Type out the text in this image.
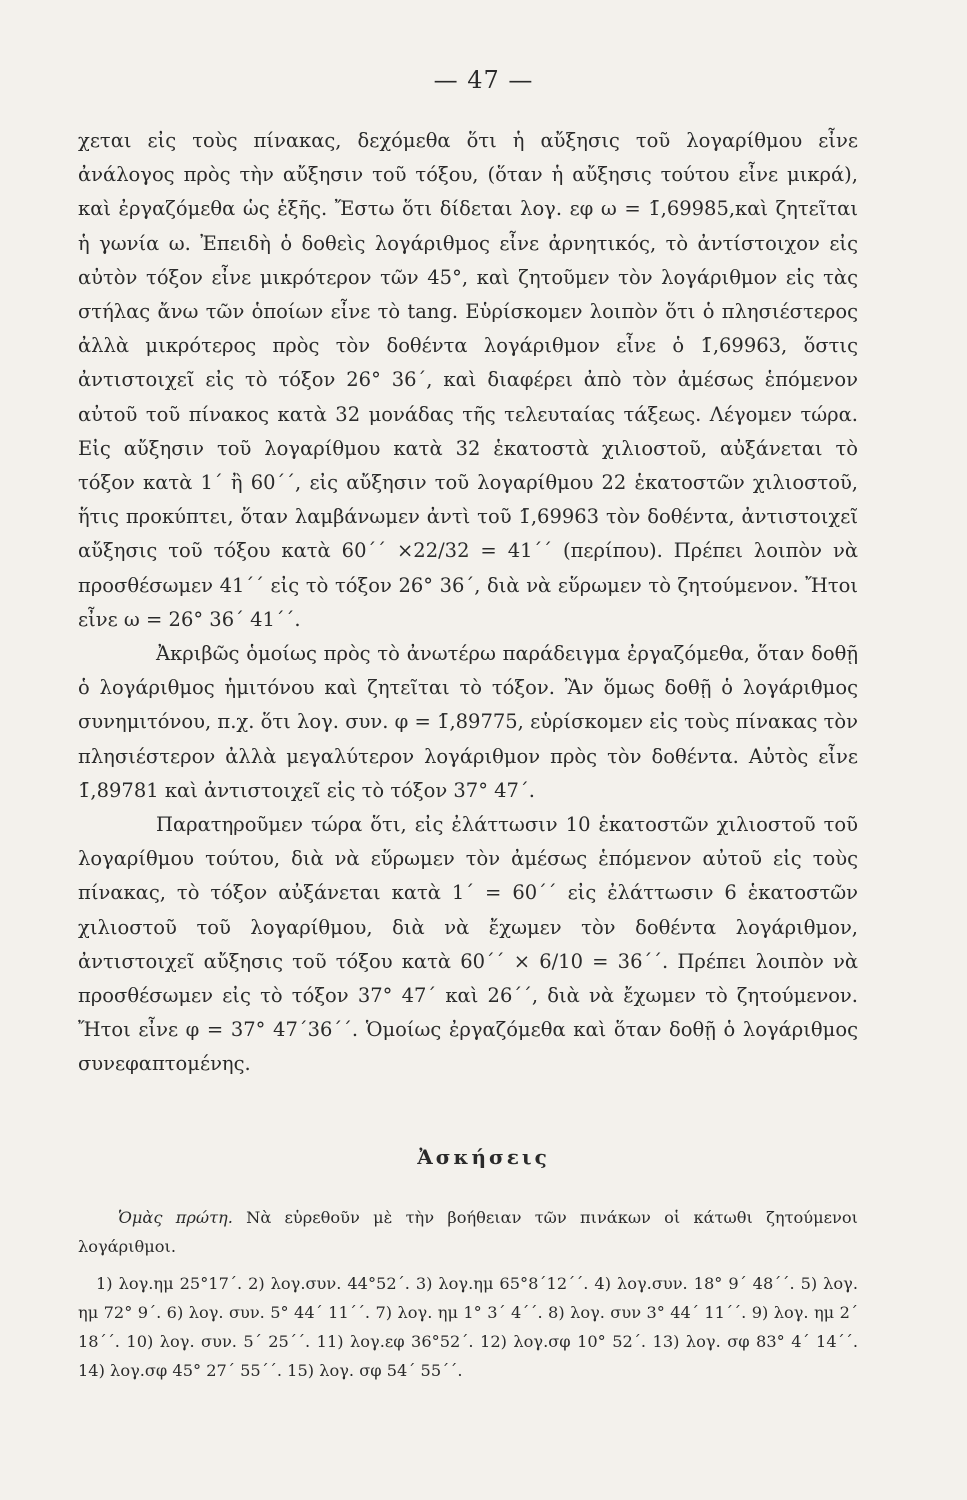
— 47 —

χεται εἰς τοὺς πίνακας, δεχόμεθα ὅτι ἡ αὔξησις τοῦ λογαρίθμου εἶνε ἀνάλογος πρὸς τὴν αὔξησιν τοῦ τόξου, (ὅταν ἡ αὔξησις τούτου εἶνε μικρά), καὶ ἐργαζόμεθα ὡς ἑξῆς. Ἔστω ὅτι δίδεται λογ. εφ ω = 1̄,69985,καὶ ζητεῖται ἡ γωνία ω. Ἐπειδὴ ὁ δοθεὶς λογάριθμος εἶνε ἀρνητικός, τὸ ἀντίστοιχον εἰς αὐτὸν τόξον εἶνε μικρότερον τῶν 45°, καὶ ζητοῦμεν τὸν λογάριθμον εἰς τὰς στήλας ἄνω τῶν ὁποίων εἶνε τὸ tang. Εὑρίσκομεν λοιπὸν ὅτι ὁ πλησιέστερος ἀλλὰ μικρότερος πρὸς τὸν δοθέντα λογάριθμον εἶνε ὁ 1̄,69963, ὅστις ἀντιστοιχεῖ εἰς τὸ τόξον 26° 36΄, καὶ διαφέρει ἀπὸ τὸν ἀμέσως ἑπόμενον αὐτοῦ τοῦ πίνακος κατὰ 32 μονάδας τῆς τελευταίας τάξεως. Λέγομεν τώρα. Εἰς αὔξησιν τοῦ λογαρίθμου κατὰ 32 ἑκατοστὰ χιλιοστοῦ, αὐξάνεται τὸ τόξον κατὰ 1΄ ἢ 60΄΄, εἰς αὔξησιν τοῦ λογαρίθμου 22 ἑκατοστῶν χιλιοστοῦ, ἥτις προκύπτει, ὅταν λαμβάνωμεν ἀντὶ τοῦ 1̄,69963 τὸν δοθέντα, ἀντιστοιχεῖ αὔξησις τοῦ τόξου κατὰ 60΄΄ ×22/32 = 41΄΄ (περίπου). Πρέπει λοιπὸν νὰ προσθέσωμεν 41΄΄ εἰς τὸ τόξον 26° 36΄, διὰ νὰ εὕρωμεν τὸ ζητούμενον. Ἤτοι εἶνε ω = 26° 36΄ 41΄΄.

Ἀκριβῶς ὁμοίως πρὸς τὸ ἀνωτέρω παράδειγμα ἐργαζόμεθα, ὅταν δοθῇ ὁ λογάριθμος ἡμιτόνου καὶ ζητεῖται τὸ τόξον. Ἂν ὅμως δοθῇ ὁ λογάριθμος συνημιτόνου, π.χ. ὅτι λογ. συν. φ = 1̄,89775, εὑρίσκομεν εἰς τοὺς πίνακας τὸν πλησιέστερον ἀλλὰ μεγαλύτερον λογάριθμον πρὸς τὸν δοθέντα. Αὐτὸς εἶνε 1̄,89781 καὶ ἀντιστοιχεῖ εἰς τὸ τόξον 37° 47΄.

Παρατηροῦμεν τώρα ὅτι, εἰς ἐλάττωσιν 10 ἑκατοστῶν χιλιοστοῦ τοῦ λογαρίθμου τούτου, διὰ νὰ εὕρωμεν τὸν ἀμέσως ἑπόμενον αὐτοῦ εἰς τοὺς πίνακας, τὸ τόξον αὐξάνεται κατὰ 1΄ = 60΄΄ εἰς ἐλάττωσιν 6 ἑκατοστῶν χιλιοστοῦ τοῦ λογαρίθμου, διὰ νὰ ἔχωμεν τὸν δοθέντα λογάριθμον, ἀντιστοιχεῖ αὔξησις τοῦ τόξου κατὰ 60΄΄ × 6/10 = 36΄΄. Πρέπει λοιπὸν νὰ προσθέσωμεν εἰς τὸ τόξον 37° 47΄ καὶ 26΄΄, διὰ νὰ ἔχωμεν τὸ ζητούμενον. Ἤτοι εἶνε φ = 37° 47΄36΄΄. Ὁμοίως ἐργαζόμεθα καὶ ὅταν δοθῇ ὁ λογάριθμος συνεφαπτομένης.

Ἀσκήσεις

Ὁμὰς πρώτη. Νὰ εὑρεθοῦν μὲ τὴν βοήθειαν τῶν πινάκων οἱ κάτωθι ζητούμενοι λογάριθμοι.

1) λογ.ημ 25°17΄. 2) λογ.συν. 44°52΄. 3) λογ.ημ 65°8΄12΄΄. 4) λογ.συν. 18° 9΄ 48΄΄. 5) λογ. ημ 72° 9΄. 6) λογ. συν. 5° 44΄ 11΄΄. 7) λογ. ημ 1° 3΄ 4΄΄. 8) λογ. συν 3° 44΄ 11΄΄. 9) λογ. ημ 2΄ 18΄΄. 10) λογ. συν. 5΄ 25΄΄. 11) λογ.εφ 36°52΄. 12) λογ.σφ 10° 52΄. 13) λογ. σφ 83° 4΄ 14΄΄. 14) λογ.σφ 45° 27΄ 55΄΄. 15) λογ. σφ 54΄ 55΄΄.
